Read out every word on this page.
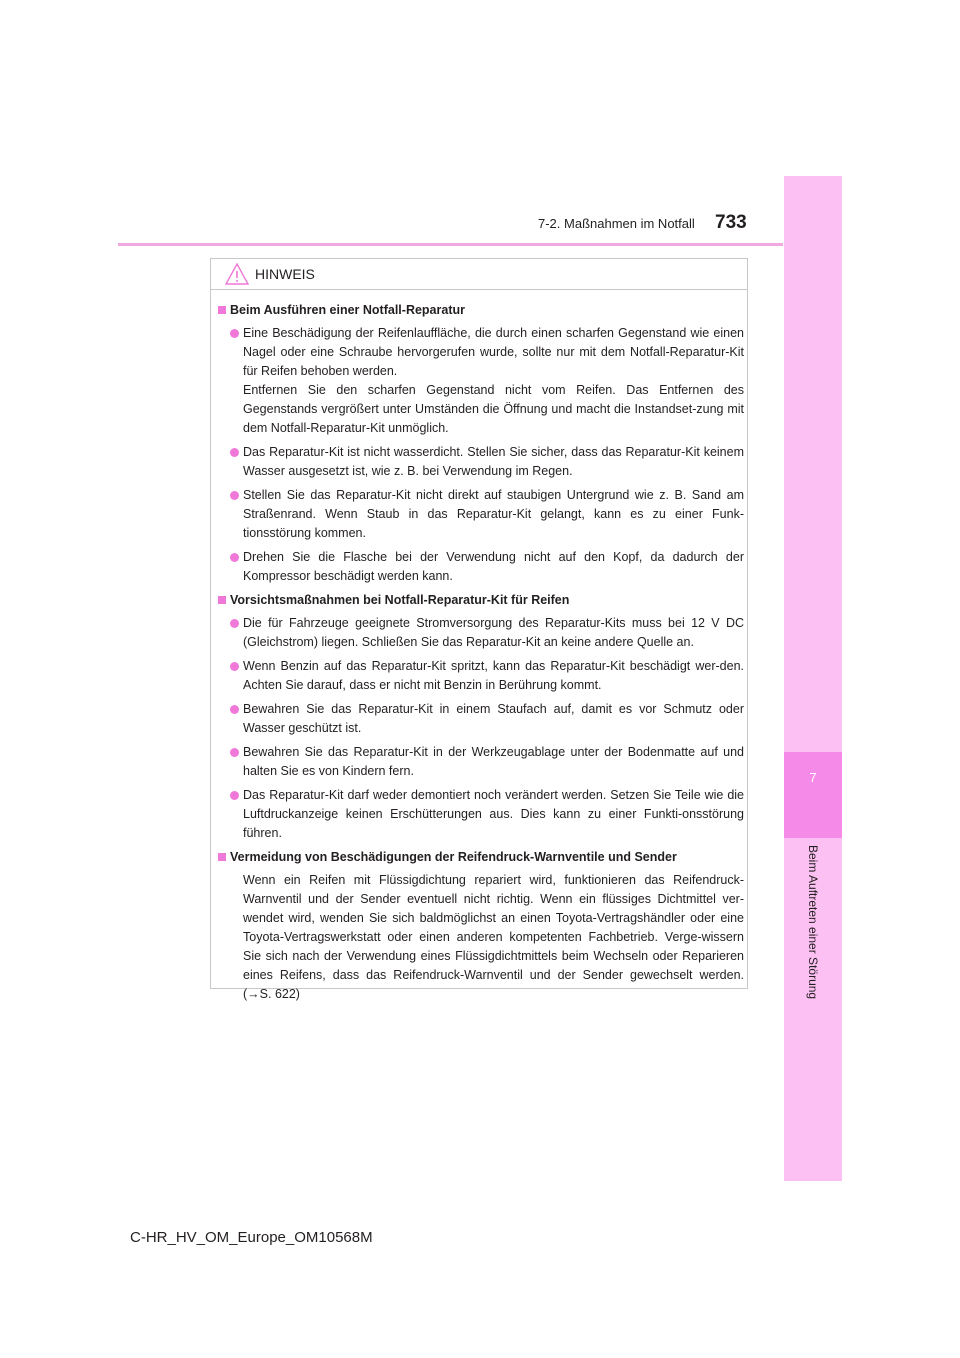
7
Beim Auftreten einer Störung
7-2. Maßnahmen im Notfall 733
HINWEIS
Beim Ausführen einer Notfall-Reparatur
Eine Beschädigung der Reifenlauffläche, die durch einen scharfen Gegenstand wie einen Nagel oder eine Schraube hervorgerufen wurde, sollte nur mit dem Notfall-Reparatur-Kit für Reifen behoben werden.
Entfernen Sie den scharfen Gegenstand nicht vom Reifen. Das Entfernen des Gegenstands vergrößert unter Umständen die Öffnung und macht die Instandset-zung mit dem Notfall-Reparatur-Kit unmöglich.
Das Reparatur-Kit ist nicht wasserdicht. Stellen Sie sicher, dass das Reparatur-Kit keinem Wasser ausgesetzt ist, wie z. B. bei Verwendung im Regen.
Stellen Sie das Reparatur-Kit nicht direkt auf staubigen Untergrund wie z. B. Sand am Straßenrand. Wenn Staub in das Reparatur-Kit gelangt, kann es zu einer Funk-tionsstörung kommen.
Drehen Sie die Flasche bei der Verwendung nicht auf den Kopf, da dadurch der Kompressor beschädigt werden kann.
Vorsichtsmaßnahmen bei Notfall-Reparatur-Kit für Reifen
Die für Fahrzeuge geeignete Stromversorgung des Reparatur-Kits muss bei 12 V DC (Gleichstrom) liegen. Schließen Sie das Reparatur-Kit an keine andere Quelle an.
Wenn Benzin auf das Reparatur-Kit spritzt, kann das Reparatur-Kit beschädigt wer-den. Achten Sie darauf, dass er nicht mit Benzin in Berührung kommt.
Bewahren Sie das Reparatur-Kit in einem Staufach auf, damit es vor Schmutz oder Wasser geschützt ist.
Bewahren Sie das Reparatur-Kit in der Werkzeugablage unter der Bodenmatte auf und halten Sie es von Kindern fern.
Das Reparatur-Kit darf weder demontiert noch verändert werden. Setzen Sie Teile wie die Luftdruckanzeige keinen Erschütterungen aus. Dies kann zu einer Funkti-onsstörung führen.
Vermeidung von Beschädigungen der Reifendruck-Warnventile und Sender
Wenn ein Reifen mit Flüssigdichtung repariert wird, funktionieren das Reifendruck-Warnventil und der Sender eventuell nicht richtig. Wenn ein flüssiges Dichtmittel ver-wendet wird, wenden Sie sich baldmöglichst an einen Toyota-Vertragshändler oder eine Toyota-Vertragswerkstatt oder einen anderen kompetenten Fachbetrieb. Verge-wissern Sie sich nach der Verwendung eines Flüssigdichtmittels beim Wechseln oder Reparieren eines Reifens, dass das Reifendruck-Warnventil und der Sender gewechselt werden. (→S. 622)
C-HR_HV_OM_Europe_OM10568M
